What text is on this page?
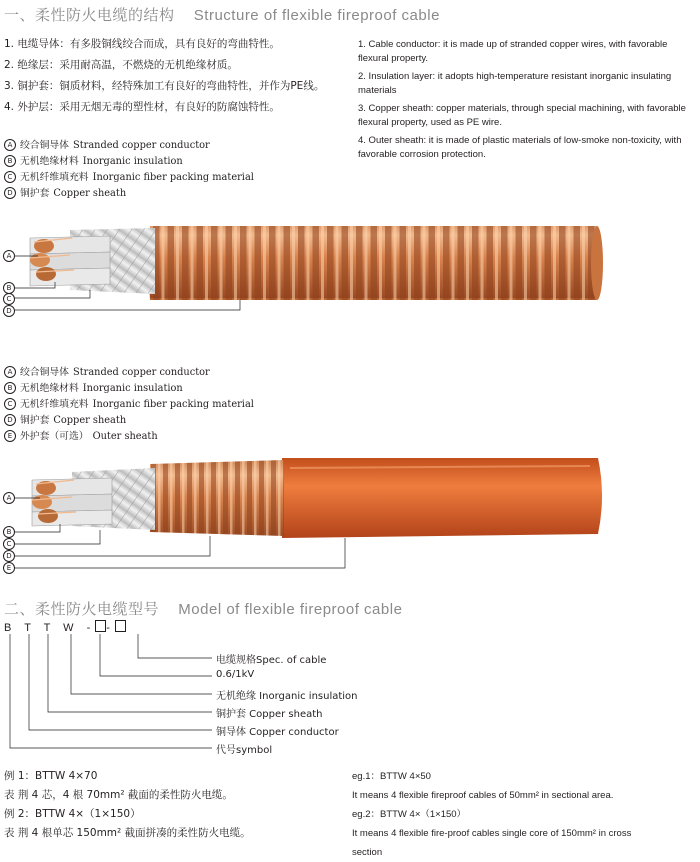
一、柔性防火电缆的结构 Structure of flexible fireproof cable
1. 电缆导体：有多股铜线绞合而成，具有良好的弯曲特性。
2. 绝缘层：采用耐高温，不燃烧的无机绝缘材质。
3. 铜护套：铜质材料，经特殊加工有良好的弯曲特性，并作为PE线。
4. 外护层：采用无烟无毒的塑性材，有良好的防腐蚀特性。
1. Cable conductor: it is made up of stranded copper wires, with favorable flexural property.
2. Insulation layer: it adopts high-temperature resistant inorganic insulating materials
3. Copper sheath: copper materials, through special machining, with favorable flexural property, used as PE wire.
4. Outer sheath: it is made of plastic materials of low-smoke non-toxicity, with favorable corrosion protection.
A 绞合铜导体 Stranded copper conductor
B 无机绝缘材料 Inorganic insulation
C 无机纤维填充料 Inorganic fiber packing material
D 铜护套 Copper sheath
A
B
C
D
A 绞合铜导体 Stranded copper conductor
B 无机绝缘材料 Inorganic insulation
C 无机纤维填充料 Inorganic fiber packing material
D 铜护套 Copper sheath
E 外护套（可选） Outer sheath
A
B
C
D
E
二、柔性防火电缆型号 Model of flexible fireproof cable
B T T W - -
电缆规格Spec. of cable
0.6/1kV
无机绝缘 Inorganic insulation
铜护套 Copper sheath
铜导体 Copper conductor
代号symbol
例 1：BTTW 4×70
表 荆 4 芯，4 根 70mm² 截面的柔性防火电缆。
例 2：BTTW 4×（1×150）
表 荆 4 根单芯 150mm² 截面拼凑的柔性防火电缆。
eg.1：BTTW 4×50
It means 4 flexible fireproof cables of 50mm² in sectional area.
eg.2：BTTW 4×（1×150）
It means 4 flexible fire-proof cables single core of 150mm² in cross
section
